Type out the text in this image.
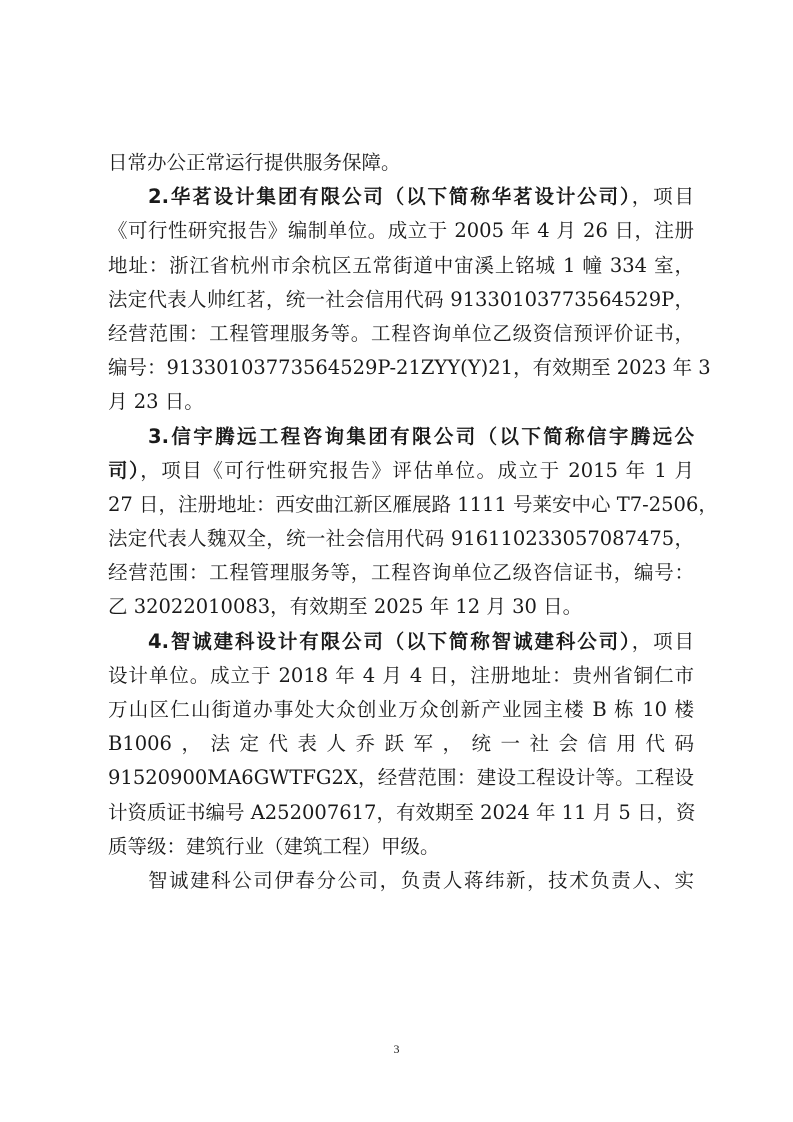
日常办公正常运行提供服务保障。
2.华茗设计集团有限公司（以下简称华茗设计公司），项目
《可行性研究报告》编制单位。成立于 2005 年 4 月 26 日，注册
地址：浙江省杭州市余杭区五常街道中宙溪上铭城 1 幢 334 室，
法定代表人帅红茗，统一社会信用代码 91330103773564529P，
经营范围：工程管理服务等。工程咨询单位乙级资信预评价证书，
编号：91330103773564529P-21ZYY(Y)21，有效期至 2023 年 3
月 23 日。
3.信宇腾远工程咨询集团有限公司（以下简称信宇腾远公
司），项目《可行性研究报告》评估单位。成立于 2015 年 1 月
27 日，注册地址：西安曲江新区雁展路 1111 号莱安中心 T7-2506，
法定代表人魏双全，统一社会信用代码 916110233057087475，
经营范围：工程管理服务等，工程咨询单位乙级咨信证书，编号：
乙 32022010083，有效期至 2025 年 12 月 30 日。
4.智诚建科设计有限公司（以下简称智诚建科公司），项目
设计单位。成立于 2018 年 4 月 4 日，注册地址：贵州省铜仁市
万山区仁山街道办事处大众创业万众创新产业园主楼 B 栋 10 楼
B1006，法定代表人乔跃军，统一社会信用代码
91520900MA6GWTFG2X，经营范围：建设工程设计等。工程设
计资质证书编号 A252007617，有效期至 2024 年 11 月 5 日，资
质等级：建筑行业（建筑工程）甲级。
智诚建科公司伊春分公司，负责人蒋纬新，技术负责人、实
3
